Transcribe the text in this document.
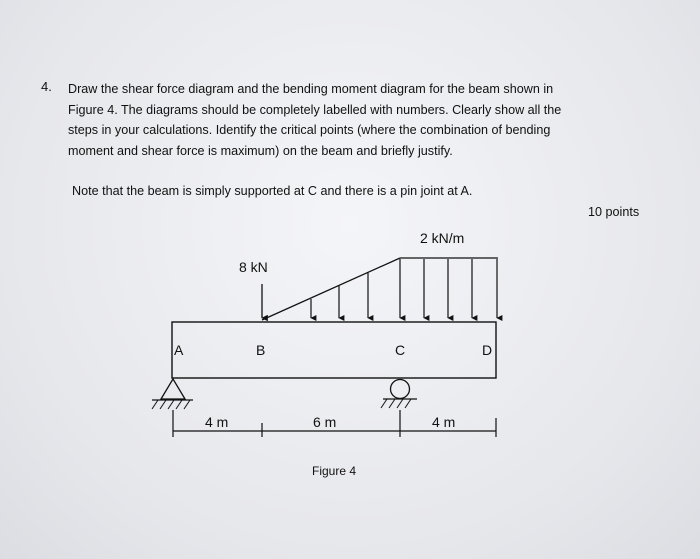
4. Draw the shear force diagram and the bending moment diagram for the beam shown in
Figure 4. The diagrams should be completely labelled with numbers. Clearly show all the
steps in your calculations. Identify the critical points (where the combination of bending
moment and shear force is maximum) on the beam and briefly justify.

Note that the beam is simply supported at C and there is a pin joint at A.
10 points
2 kN/m
8 kN
A	B	C	D
4 m	6 m	4 m
Figure 4
